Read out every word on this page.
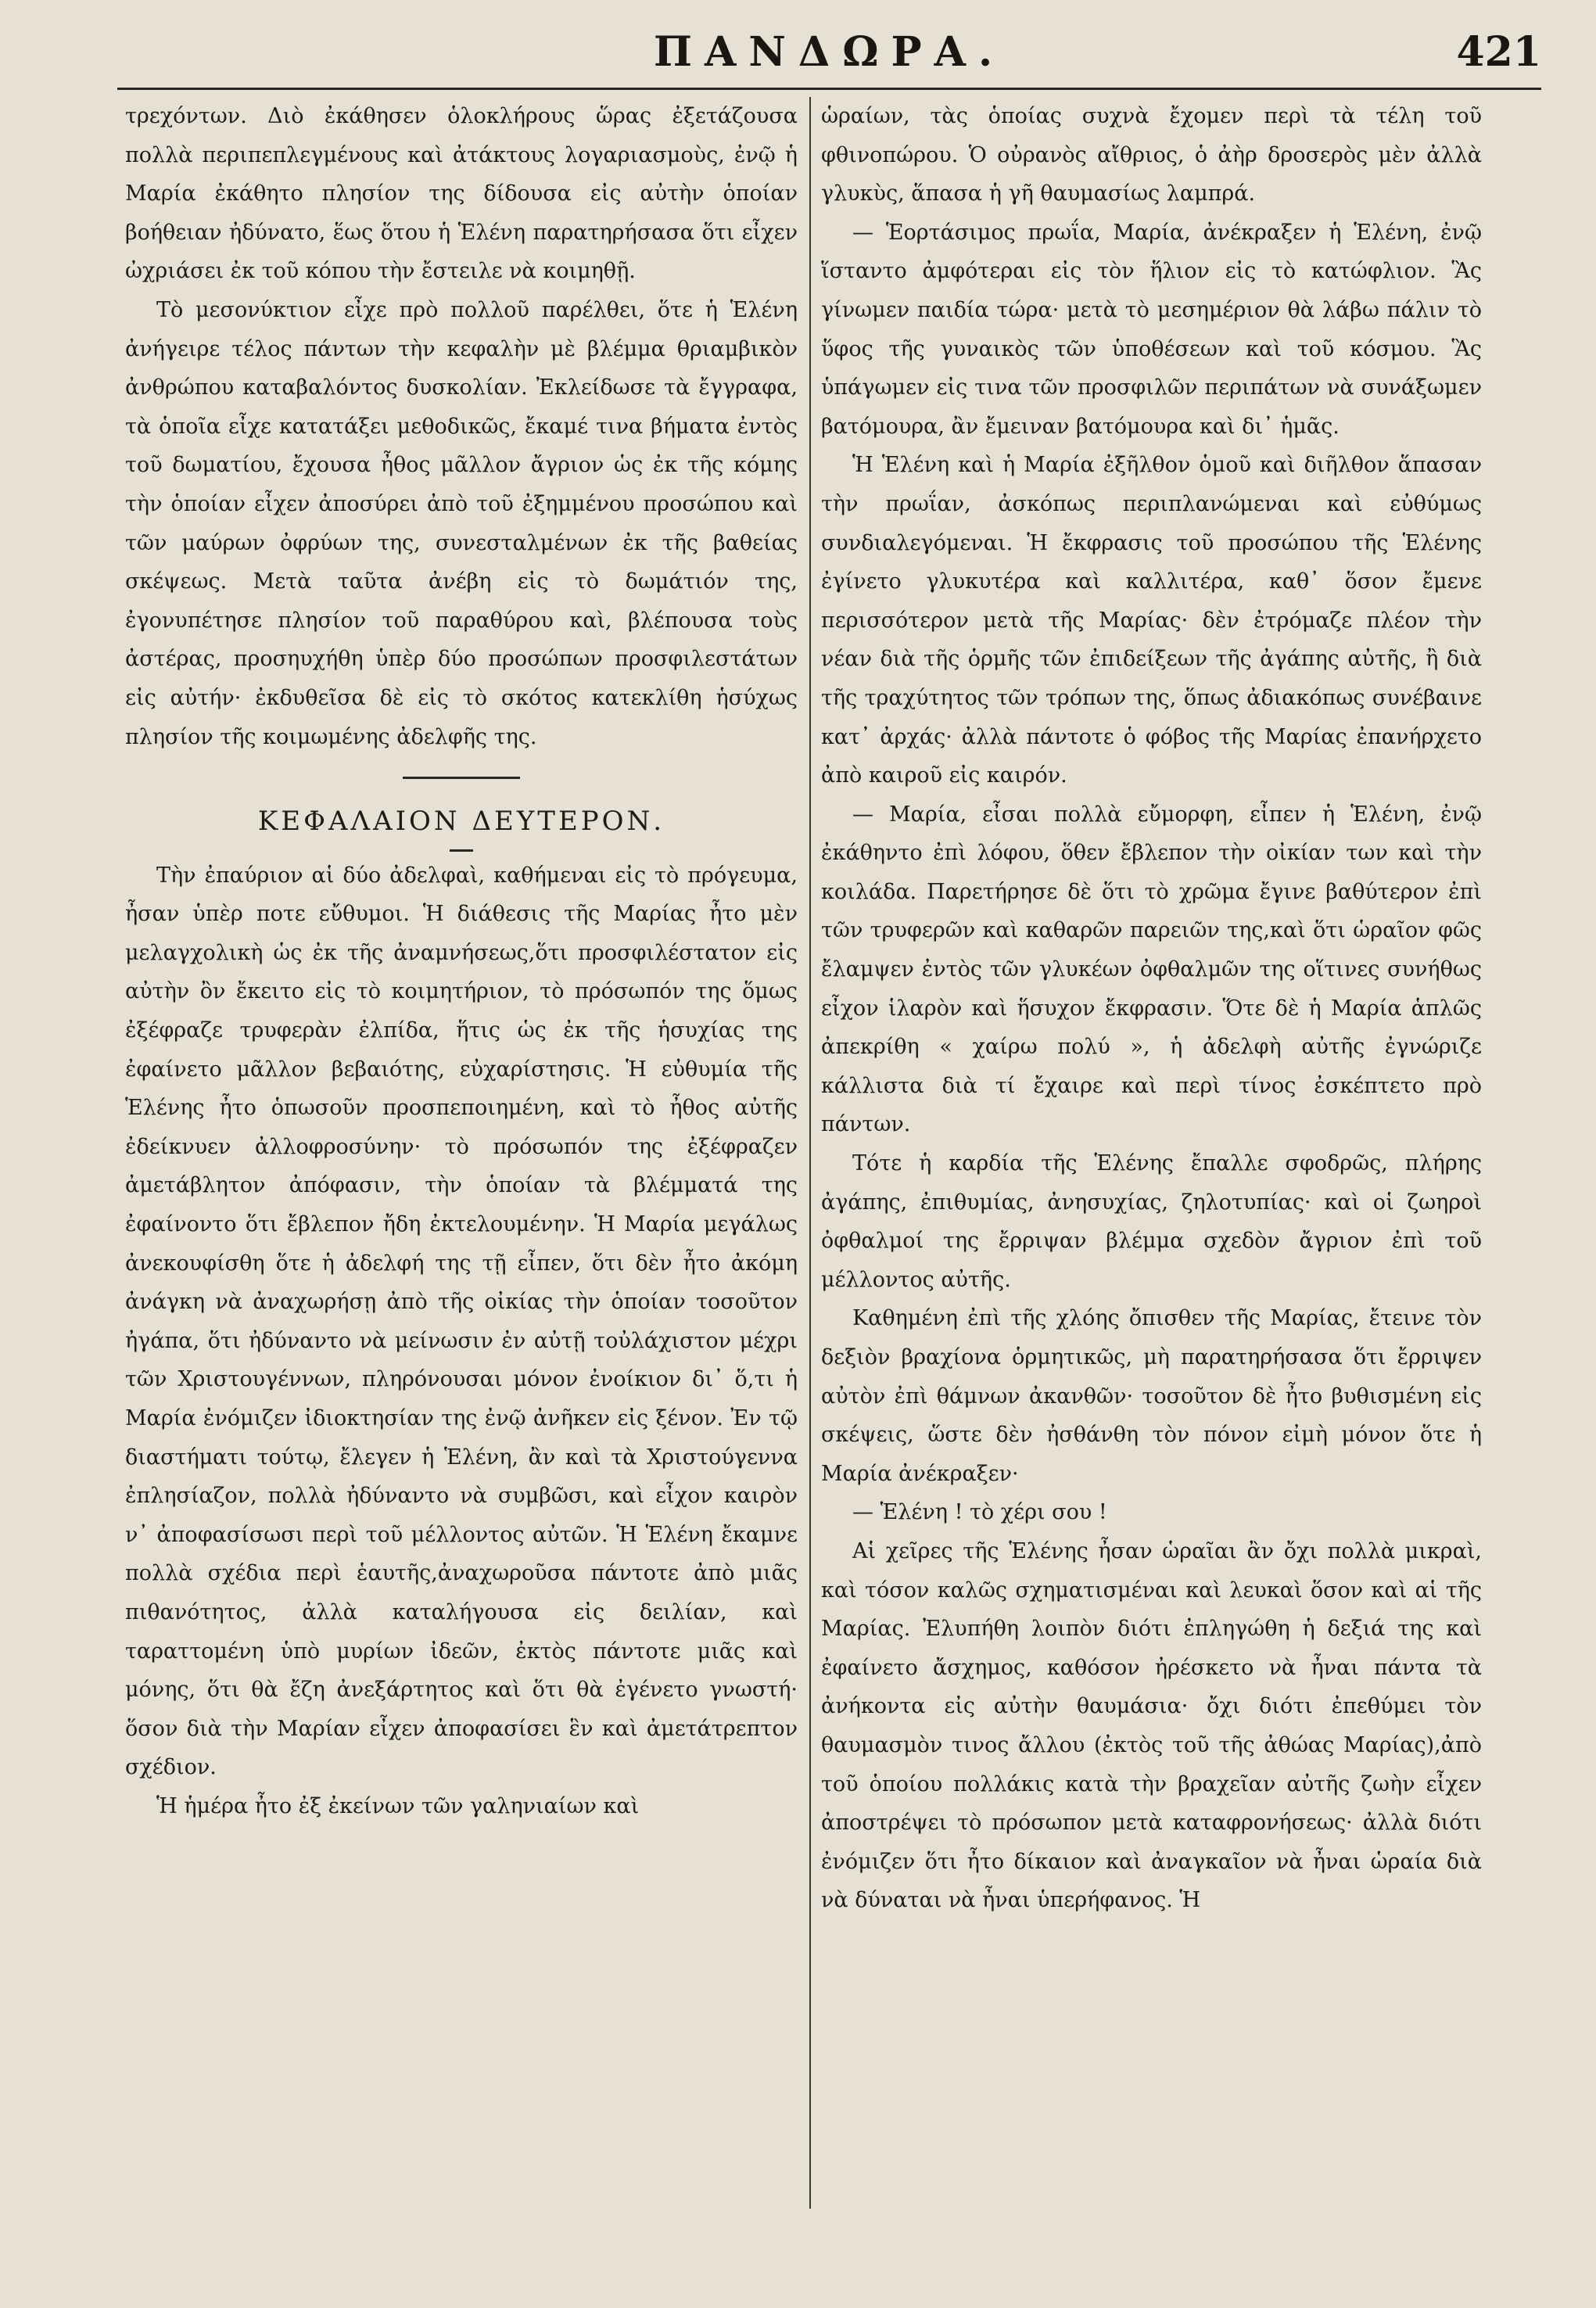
ΠΑΝΔΩΡΑ.	421

τρεχόντων. Διὸ ἐκάθησεν ὁλοκλήρους ὥρας ἐξετάζουσα πολλὰ περιπεπλεγμένους καὶ ἀτάκτους λογαριασμοὺς, ἐνῷ ἡ Μαρία ἐκάθητο πλησίον της δίδουσα εἰς αὐτὴν ὁποίαν βοήθειαν ἠδύνατο, ἕως ὅτου ἡ Ἑλένη παρατηρήσασα ὅτι εἶχεν ὠχριάσει ἐκ τοῦ κόπου τὴν ἔστειλε νὰ κοιμηθῇ.

Τὸ μεσονύκτιον εἶχε πρὸ πολλοῦ παρέλθει, ὅτε ἡ Ἑλένη ἀνήγειρε τέλος πάντων τὴν κεφαλὴν μὲ βλέμμα θριαμβικὸν ἀνθρώπου καταβαλόντος δυσκολίαν. Ἐκλείδωσε τὰ ἔγγραφα, τὰ ὁποῖα εἶχε κατατάξει μεθοδικῶς, ἔκαμέ τινα βήματα ἐντὸς τοῦ δωματίου, ἔχουσα ἦθος μᾶλλον ἄγριον ὡς ἐκ τῆς κόμης τὴν ὁποίαν εἶχεν ἀποσύρει ἀπὸ τοῦ ἐξημμένου προσώπου καὶ τῶν μαύρων ὀφρύων της, συνεσταλμένων ἐκ τῆς βαθείας σκέψεως. Μετὰ ταῦτα ἀνέβη εἰς τὸ δωμάτιόν της, ἐγονυπέτησε πλησίον τοῦ παραθύρου καὶ, βλέπουσα τοὺς ἀστέρας, προσηυχήθη ὑπὲρ δύο προσώπων προσφιλεστάτων εἰς αὐτήν· ἐκδυθεῖσα δὲ εἰς τὸ σκότος κατεκλίθη ἡσύχως πλησίον τῆς κοιμωμένης ἀδελφῆς της.

ΚΕΦΑΛΑΙΟΝ ΔΕΥΤΕΡΟΝ.

Τὴν ἐπαύριον αἱ δύο ἀδελφαὶ, καθήμεναι εἰς τὸ πρόγευμα, ἦσαν ὑπὲρ ποτε εὔθυμοι. Ἡ διάθεσις τῆς Μαρίας ἦτο μὲν μελαγχολικὴ ὡς ἐκ τῆς ἀναμνήσεως,ὅτι προσφιλέστατον εἰς αὐτὴν ὂν ἔκειτο εἰς τὸ κοιμητήριον, τὸ πρόσωπόν της ὅμως ἐξέφραζε τρυφερὰν ἐλπίδα, ἥτις ὡς ἐκ τῆς ἡσυχίας της ἐφαίνετο μᾶλλον βεβαιότης, εὐχαρίστησις. Ἡ εὐθυμία τῆς Ἑλένης ἦτο ὁπωσοῦν προσπεποιημένη, καὶ τὸ ἦθος αὐτῆς ἐδείκνυεν ἀλλοφροσύνην· τὸ πρόσωπόν της ἐξέφραζεν ἀμετάβλητον ἀπόφασιν, τὴν ὁποίαν τὰ βλέμματά της ἐφαίνοντο ὅτι ἔβλεπον ἤδη ἐκτελουμένην. Ἡ Μαρία μεγάλως ἀνεκουφίσθη ὅτε ἡ ἀδελφή της τῇ εἶπεν, ὅτι δὲν ἦτο ἀκόμη ἀνάγκη νὰ ἀναχωρήσῃ ἀπὸ τῆς οἰκίας τὴν ὁποίαν τοσοῦτον ἠγάπα, ὅτι ἠδύναντο νὰ μείνωσιν ἐν αὐτῇ τοὐλάχιστον μέχρι τῶν Χριστουγέννων, πληρόνουσαι μόνον ἐνοίκιον δι᾽ ὅ,τι ἡ Μαρία ἐνόμιζεν ἰδιοκτησίαν της ἐνῷ ἀνῆκεν εἰς ξένον. Ἐν τῷ διαστήματι τούτῳ, ἔλεγεν ἡ Ἑλένη, ἂν καὶ τὰ Χριστούγεννα ἐπλησίαζον, πολλὰ ἠδύναντο νὰ συμβῶσι, καὶ εἶχον καιρὸν ν᾽ ἀποφασίσωσι περὶ τοῦ μέλλοντος αὐτῶν. Ἡ Ἑλένη ἔκαμνε πολλὰ σχέδια περὶ ἑαυτῆς,ἀναχωροῦσα πάντοτε ἀπὸ μιᾶς πιθανότητος, ἀλλὰ καταλήγουσα εἰς δειλίαν, καὶ ταραττομένη ὑπὸ μυρίων ἰδεῶν, ἐκτὸς πάντοτε μιᾶς καὶ μόνης, ὅτι θὰ ἔζη ἀνεξάρτητος καὶ ὅτι θὰ ἐγένετο γνωστή· ὅσον διὰ τὴν Μαρίαν εἶχεν ἀποφασίσει ἓν καὶ ἀμετάτρεπτον σχέδιον.

Ἡ ἡμέρα ἦτο ἐξ ἐκείνων τῶν γαληνιαίων καὶ

ὡραίων, τὰς ὁποίας συχνὰ ἔχομεν περὶ τὰ τέλη τοῦ φθινοπώρου. Ὁ οὐρανὸς αἴθριος, ὁ ἀὴρ δροσερὸς μὲν ἀλλὰ γλυκὺς, ἅπασα ἡ γῆ θαυμασίως λαμπρά.

— Ἑορτάσιμος πρωΐα, Μαρία, ἀνέκραξεν ἡ Ἑλένη, ἐνῷ ἵσταντο ἀμφότεραι εἰς τὸν ἥλιον εἰς τὸ κατώφλιον. Ἃς γίνωμεν παιδία τώρα· μετὰ τὸ μεσημέριον θὰ λάβω πάλιν τὸ ὕφος τῆς γυναικὸς τῶν ὑποθέσεων καὶ τοῦ κόσμου. Ἃς ὑπάγωμεν εἰς τινα τῶν προσφιλῶν περιπάτων νὰ συνάξωμεν βατόμουρα, ἂν ἔμειναν βατόμουρα καὶ δι᾽ ἡμᾶς.

Ἡ Ἑλένη καὶ ἡ Μαρία ἐξῆλθον ὁμοῦ καὶ διῆλθον ἅπασαν τὴν πρωΐαν, ἀσκόπως περιπλανώμεναι καὶ εὐθύμως συνδιαλεγόμεναι. Ἡ ἔκφρασις τοῦ προσώπου τῆς Ἑλένης ἐγίνετο γλυκυτέρα καὶ καλλιτέρα, καθ᾽ ὅσον ἔμενε περισσότερον μετὰ τῆς Μαρίας· δὲν ἐτρόμαζε πλέον τὴν νέαν διὰ τῆς ὁρμῆς τῶν ἐπιδείξεων τῆς ἀγάπης αὐτῆς, ἢ διὰ τῆς τραχύτητος τῶν τρόπων της, ὅπως ἀδιακόπως συνέβαινε κατ᾽ ἀρχάς· ἀλλὰ πάντοτε ὁ φόβος τῆς Μαρίας ἐπανήρχετο ἀπὸ καιροῦ εἰς καιρόν.

— Μαρία, εἶσαι πολλὰ εὔμορφη, εἶπεν ἡ Ἑλένη, ἐνῷ ἐκάθηντο ἐπὶ λόφου, ὅθεν ἔβλεπον τὴν οἰκίαν των καὶ τὴν κοιλάδα. Παρετήρησε δὲ ὅτι τὸ χρῶμα ἔγινε βαθύτερον ἐπὶ τῶν τρυφερῶν καὶ καθαρῶν παρειῶν της,καὶ ὅτι ὡραῖον φῶς ἔλαμψεν ἐντὸς τῶν γλυκέων ὀφθαλμῶν της οἵτινες συνήθως εἶχον ἱλαρὸν καὶ ἥσυχον ἔκφρασιν. Ὅτε δὲ ἡ Μαρία ἁπλῶς ἀπεκρίθη « χαίρω πολύ », ἡ ἀδελφὴ αὐτῆς ἐγνώριζε κάλλιστα διὰ τί ἔχαιρε καὶ περὶ τίνος ἐσκέπτετο πρὸ πάντων.

Τότε ἡ καρδία τῆς Ἑλένης ἔπαλλε σφοδρῶς, πλήρης ἀγάπης, ἐπιθυμίας, ἀνησυχίας, ζηλοτυπίας· καὶ οἱ ζωηροὶ ὀφθαλμοί της ἔρριψαν βλέμμα σχεδὸν ἄγριον ἐπὶ τοῦ μέλλοντος αὐτῆς.

Καθημένη ἐπὶ τῆς χλόης ὄπισθεν τῆς Μαρίας, ἔτεινε τὸν δεξιὸν βραχίονα ὁρμητικῶς, μὴ παρατηρήσασα ὅτι ἔρριψεν αὐτὸν ἐπὶ θάμνων ἀκανθῶν· τοσοῦτον δὲ ἦτο βυθισμένη εἰς σκέψεις, ὥστε δὲν ἠσθάνθη τὸν πόνον εἰμὴ μόνον ὅτε ἡ Μαρία ἀνέκραξεν·

— Ἑλένη ! τὸ χέρι σου !

Αἱ χεῖρες τῆς Ἑλένης ἦσαν ὡραῖαι ἂν ὄχι πολλὰ μικραὶ, καὶ τόσον καλῶς σχηματισμέναι καὶ λευκαὶ ὅσον καὶ αἱ τῆς Μαρίας. Ἐλυπήθη λοιπὸν διότι ἐπληγώθη ἡ δεξιά της καὶ ἐφαίνετο ἄσχημος, καθόσον ἠρέσκετο νὰ ἦναι πάντα τὰ ἀνήκοντα εἰς αὐτὴν θαυμάσια· ὄχι διότι ἐπεθύμει τὸν θαυμασμὸν τινος ἄλλου (ἐκτὸς τοῦ τῆς ἀθώας Μαρίας),ἀπὸ τοῦ ὁποίου πολλάκις κατὰ τὴν βραχεῖαν αὐτῆς ζωὴν εἶχεν ἀποστρέψει τὸ πρόσωπον μετὰ καταφρονήσεως· ἀλλὰ διότι ἐνόμιζεν ὅτι ἦτο δίκαιον καὶ ἀναγκαῖον νὰ ἦναι ὡραία διὰ νὰ δύναται νὰ ἦναι ὑπερήφανος. Ἡ
